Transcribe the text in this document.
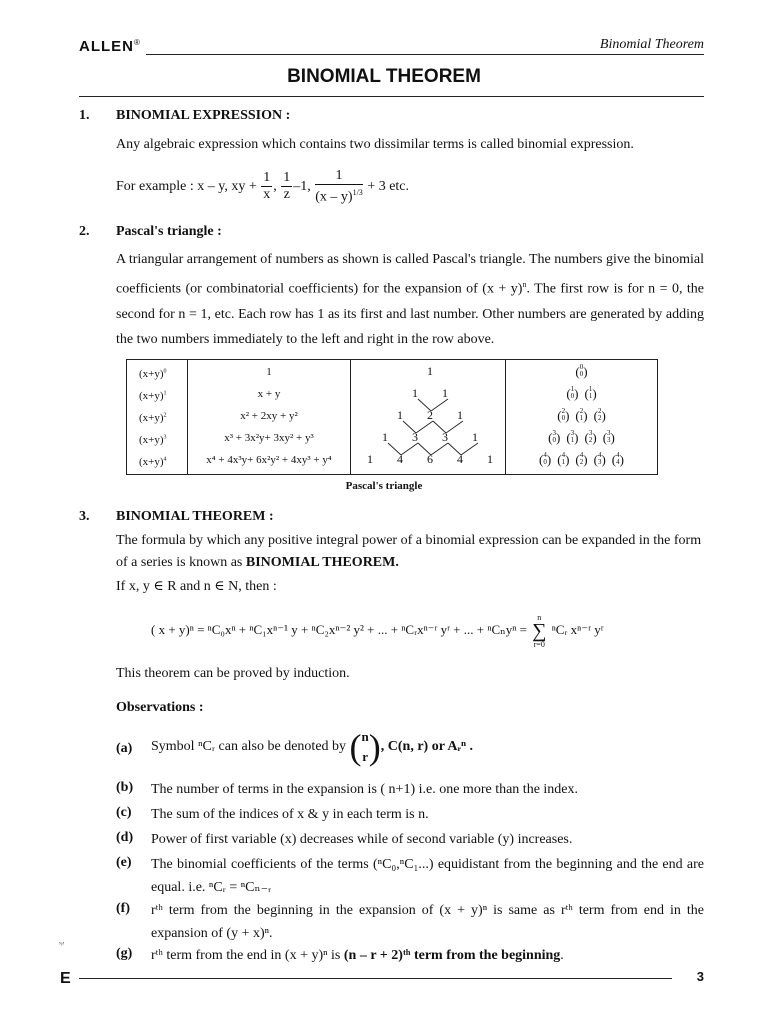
ALLEN®	Binomial Theorem
BINOMIAL THEOREM
1. BINOMIAL EXPRESSION :
Any algebraic expression which contains two dissimilar terms is called binomial expression.
For example : x – y, xy + $\frac{1}{x}$ , $\frac{1}{z} -1$, $\frac{1}{(x - y)^{1/3}} + 3$ etc.
2. Pascal's triangle :
A triangular arrangement of numbers as shown is called Pascal's triangle. The numbers give the binomial coefficients (or combinatorial coefficients) for the expansion of $(x + y)^n$. The first row is for n = 0, the second for n = 1, etc. Each row has 1 as its first and last number. Other numbers are generated by adding the two numbers immediately to the left and right in the row above.
$(x+y)^0$
$(x+y)^1$
$(x+y)^2$
$(x+y)^3$
$(x+y)^4$
1
x + y
x² + 2xy + y²
x³ + 3x²y+ 3xy² + y³
x⁴ + 4x³y+ 6x²y² + 4xy³ + y⁴
1
1 1
1 2 1
1 3 3 1
1 4 6 4 1
( 0
0 )
( 1
0 ) ( 1
1 )
( 2
0 ) ( 2
1 ) ( 2
2 )
( 3
0 ) ( 3
1 ) ( 3
2 ) ( 3
3 )
( 4
0 ) ( 4
1 ) ( 4
2 ) ( 4
3 ) ( 4
4 )
Pascal's triangle
3. BINOMIAL THEOREM :
The formula by which any positive integral power of a binomial expression can be expanded in the form of a series is known as BINOMIAL THEOREM.
If x, y ∈ R and n ∈ N, then :
( x + y)ⁿ = ⁿC₀xⁿ + ⁿC₁xⁿ⁻¹ y + ⁿC₂xⁿ⁻² y² + ... + ⁿCᵣxⁿ⁻ʳ yʳ + ... + ⁿCₙyⁿ =
n
∑
r=0
ⁿCᵣ xⁿ⁻ʳ yʳ
This theorem can be proved by induction.
Observations :
(a) Symbol ⁿCᵣ can also be denoted by ( n
r ) , C(n, r) or Aᵣⁿ .
(b) The number of terms in the expansion is ( n+1) i.e. one more than the index.
(c) The sum of the indices of x & y in each term is n.
(d) Power of first variable (x) decreases while of second variable (y) increases.
(e) The binomial coefficients of the terms (ⁿC₀,ⁿC₁...) equidistant from the beginning and the end are equal. i.e. ⁿCᵣ = ⁿCₙ₋ᵣ
(f) rᵗʰ term from the beginning in the expansion of (x + y)ⁿ is same as rᵗʰ term from end in the expansion of (y + x)ⁿ.
(g) rᵗʰ term from the end in (x + y)ⁿ is (n – r + 2)ᵗʰ term from the beginning.
ᴺ⁄ᴶ
E	3
